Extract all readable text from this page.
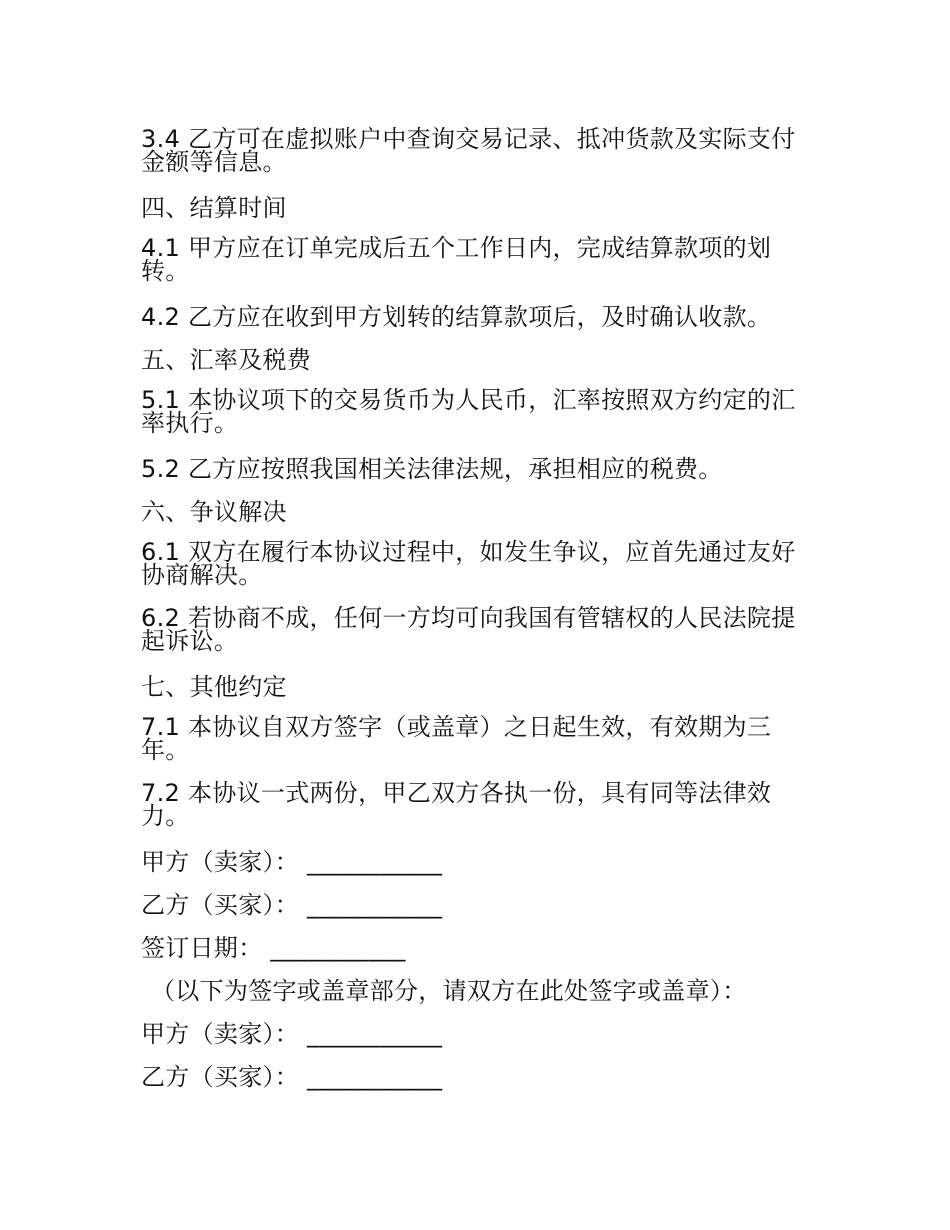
3.4 乙方可在虚拟账户中查询交易记录、抵冲货款及实际支付金额等信息。

四、结算时间

4.1 甲方应在订单完成后五个工作日内，完成结算款项的划转。

4.2 乙方应在收到甲方划转的结算款项后，及时确认收款。

五、汇率及税费

5.1 本协议项下的交易货币为人民币，汇率按照双方约定的汇率执行。

5.2 乙方应按照我国相关法律法规，承担相应的税费。

六、争议解决

6.1 双方在履行本协议过程中，如发生争议，应首先通过友好协商解决。

6.2 若协商不成，任何一方均可向我国有管辖权的人民法院提起诉讼。

七、其他约定

7.1 本协议自双方签字（或盖章）之日起生效，有效期为三年。

7.2 本协议一式两份，甲乙双方各执一份，具有同等法律效力。

甲方（卖家）： ___________

乙方（买家）： ___________

签订日期： ___________

（以下为签字或盖章部分，请双方在此处签字或盖章）：

甲方（卖家）： ___________

乙方（买家）： ___________
